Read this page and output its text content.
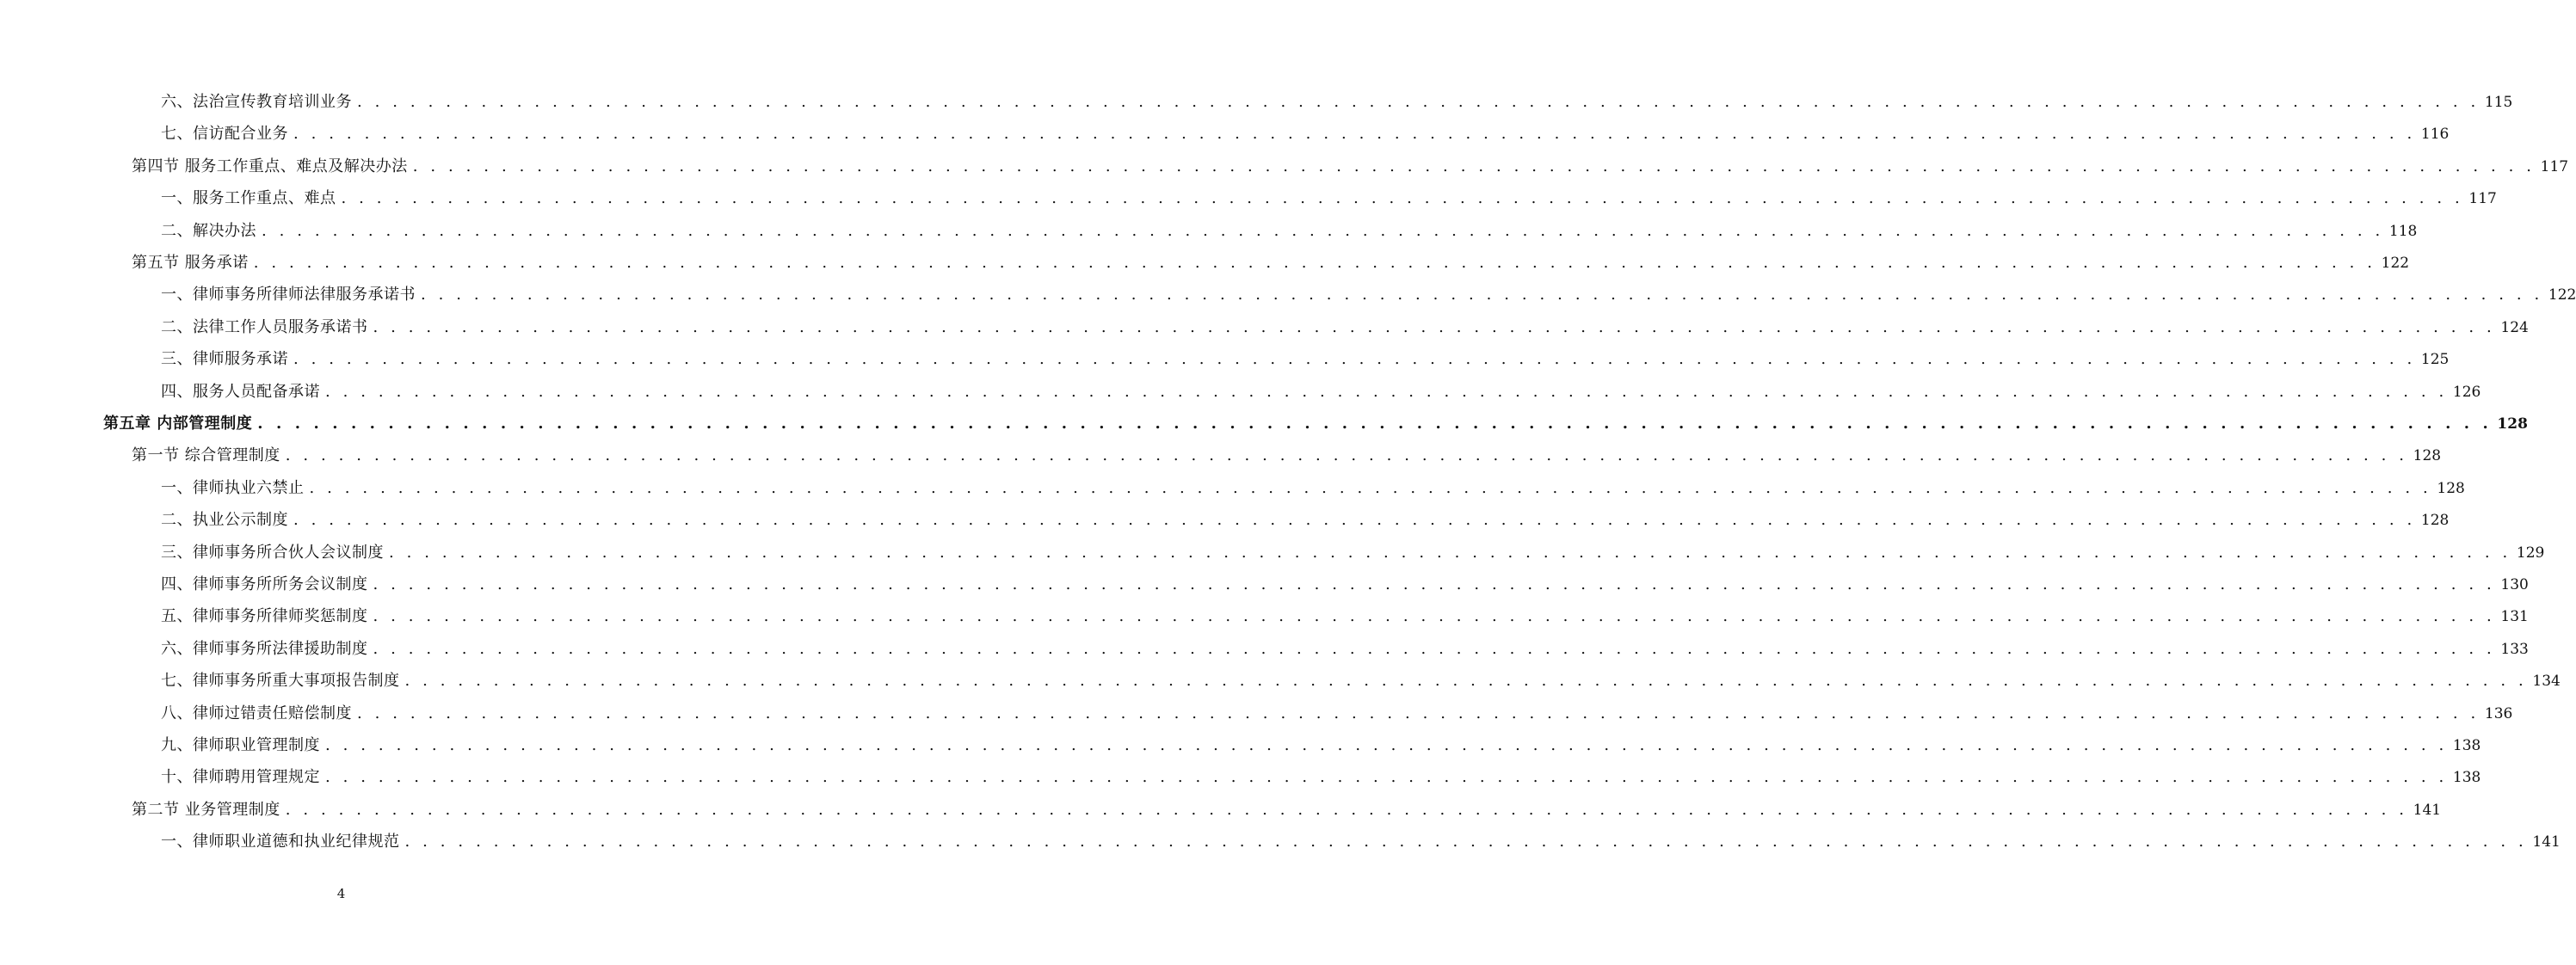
六、法治宣传教育培训业务 . . . . . . . . . . . . . . . . . . . . . . . . . . . . . . . . . . . . . . . . . . . . . . . . . . . . . . . . . . . . . . . . . . . . . . . . . . . . . . . . . . . . . . . . . . . . . . . . . . . . . . . . . . . . . . . . . . . . . . . . 115
七、信访配合业务 . . . . . . . . . . . . . . . . . . . . . . . . . . . . . . . . . . . . . . . . . . . . . . . . . . . . . . . . . . . . . . . . . . . . . . . . . . . . . . . . . . . . . . . . . . . . . . . . . . . . . . . . . . . . . . . . . . . . . . . . 116
第四节 服务工作重点、难点及解决办法 . . . . . . . . . . . . . . . . . . . . . . . . . . . . . . . . . . . . . . . . . . . . . . . . . . . . . . . . . . . . . . . . . . . . . . . . . . . . . . . . . . . . . . . . . . . . . . . . . . . . . . . . . . . . . . . . . . . . . . . . 117
一、服务工作重点、难点 . . . . . . . . . . . . . . . . . . . . . . . . . . . . . . . . . . . . . . . . . . . . . . . . . . . . . . . . . . . . . . . . . . . . . . . . . . . . . . . . . . . . . . . . . . . . . . . . . . . . . . . . . . . . . . . . . . . . . . . . 117
二、解决办法 . . . . . . . . . . . . . . . . . . . . . . . . . . . . . . . . . . . . . . . . . . . . . . . . . . . . . . . . . . . . . . . . . . . . . . . . . . . . . . . . . . . . . . . . . . . . . . . . . . . . . . . . . . . . . . . . . . . . . . . . 118
第五节 服务承诺 . . . . . . . . . . . . . . . . . . . . . . . . . . . . . . . . . . . . . . . . . . . . . . . . . . . . . . . . . . . . . . . . . . . . . . . . . . . . . . . . . . . . . . . . . . . . . . . . . . . . . . . . . . . . . . . . . . . . . . . . 122
一、律师事务所律师法律服务承诺书 . . . . . . . . . . . . . . . . . . . . . . . . . . . . . . . . . . . . . . . . . . . . . . . . . . . . . . . . . . . . . . . . . . . . . . . . . . . . . . . . . . . . . . . . . . . . . . . . . . . . . . . . . . . . . . . . . . . . . . . . 122
二、法律工作人员服务承诺书 . . . . . . . . . . . . . . . . . . . . . . . . . . . . . . . . . . . . . . . . . . . . . . . . . . . . . . . . . . . . . . . . . . . . . . . . . . . . . . . . . . . . . . . . . . . . . . . . . . . . . . . . . . . . . . . . . . . . . . . . 124
三、律师服务承诺 . . . . . . . . . . . . . . . . . . . . . . . . . . . . . . . . . . . . . . . . . . . . . . . . . . . . . . . . . . . . . . . . . . . . . . . . . . . . . . . . . . . . . . . . . . . . . . . . . . . . . . . . . . . . . . . . . . . . . . . . 125
四、服务人员配备承诺 . . . . . . . . . . . . . . . . . . . . . . . . . . . . . . . . . . . . . . . . . . . . . . . . . . . . . . . . . . . . . . . . . . . . . . . . . . . . . . . . . . . . . . . . . . . . . . . . . . . . . . . . . . . . . . . . . . . . . . . . 126
第五章 内部管理制度 . . . . . . . . . . . . . . . . . . . . . . . . . . . . . . . . . . . . . . . . . . . . . . . . . . . . . . . . . . . . . . . . . . . . . . . . . . . . . . . . . . . . . . . . . . . . . . . . . . . . . . . . . . . . . . . . . . . . . . . . 128
第一节 综合管理制度 . . . . . . . . . . . . . . . . . . . . . . . . . . . . . . . . . . . . . . . . . . . . . . . . . . . . . . . . . . . . . . . . . . . . . . . . . . . . . . . . . . . . . . . . . . . . . . . . . . . . . . . . . . . . . . . . . . . . . . . . 128
一、律师执业六禁止 . . . . . . . . . . . . . . . . . . . . . . . . . . . . . . . . . . . . . . . . . . . . . . . . . . . . . . . . . . . . . . . . . . . . . . . . . . . . . . . . . . . . . . . . . . . . . . . . . . . . . . . . . . . . . . . . . . . . . . . . 128
二、执业公示制度 . . . . . . . . . . . . . . . . . . . . . . . . . . . . . . . . . . . . . . . . . . . . . . . . . . . . . . . . . . . . . . . . . . . . . . . . . . . . . . . . . . . . . . . . . . . . . . . . . . . . . . . . . . . . . . . . . . . . . . . . 128
三、律师事务所合伙人会议制度 . . . . . . . . . . . . . . . . . . . . . . . . . . . . . . . . . . . . . . . . . . . . . . . . . . . . . . . . . . . . . . . . . . . . . . . . . . . . . . . . . . . . . . . . . . . . . . . . . . . . . . . . . . . . . . . . . . . . . . . . 129
四、律师事务所所务会议制度 . . . . . . . . . . . . . . . . . . . . . . . . . . . . . . . . . . . . . . . . . . . . . . . . . . . . . . . . . . . . . . . . . . . . . . . . . . . . . . . . . . . . . . . . . . . . . . . . . . . . . . . . . . . . . . . . . . . . . . . . 130
五、律师事务所律师奖惩制度 . . . . . . . . . . . . . . . . . . . . . . . . . . . . . . . . . . . . . . . . . . . . . . . . . . . . . . . . . . . . . . . . . . . . . . . . . . . . . . . . . . . . . . . . . . . . . . . . . . . . . . . . . . . . . . . . . . . . . . . . 131
六、律师事务所法律援助制度 . . . . . . . . . . . . . . . . . . . . . . . . . . . . . . . . . . . . . . . . . . . . . . . . . . . . . . . . . . . . . . . . . . . . . . . . . . . . . . . . . . . . . . . . . . . . . . . . . . . . . . . . . . . . . . . . . . . . . . . . 133
七、律师事务所重大事项报告制度 . . . . . . . . . . . . . . . . . . . . . . . . . . . . . . . . . . . . . . . . . . . . . . . . . . . . . . . . . . . . . . . . . . . . . . . . . . . . . . . . . . . . . . . . . . . . . . . . . . . . . . . . . . . . . . . . . . . . . . . . 134
八、律师过错责任赔偿制度 . . . . . . . . . . . . . . . . . . . . . . . . . . . . . . . . . . . . . . . . . . . . . . . . . . . . . . . . . . . . . . . . . . . . . . . . . . . . . . . . . . . . . . . . . . . . . . . . . . . . . . . . . . . . . . . . . . . . . . . . 136
九、律师职业管理制度 . . . . . . . . . . . . . . . . . . . . . . . . . . . . . . . . . . . . . . . . . . . . . . . . . . . . . . . . . . . . . . . . . . . . . . . . . . . . . . . . . . . . . . . . . . . . . . . . . . . . . . . . . . . . . . . . . . . . . . . . 138
十、律师聘用管理规定 . . . . . . . . . . . . . . . . . . . . . . . . . . . . . . . . . . . . . . . . . . . . . . . . . . . . . . . . . . . . . . . . . . . . . . . . . . . . . . . . . . . . . . . . . . . . . . . . . . . . . . . . . . . . . . . . . . . . . . . . 138
第二节 业务管理制度 . . . . . . . . . . . . . . . . . . . . . . . . . . . . . . . . . . . . . . . . . . . . . . . . . . . . . . . . . . . . . . . . . . . . . . . . . . . . . . . . . . . . . . . . . . . . . . . . . . . . . . . . . . . . . . . . . . . . . . . . 141
一、律师职业道德和执业纪律规范 . . . . . . . . . . . . . . . . . . . . . . . . . . . . . . . . . . . . . . . . . . . . . . . . . . . . . . . . . . . . . . . . . . . . . . . . . . . . . . . . . . . . . . . . . . . . . . . . . . . . . . . . . . . . . . . . . . . . . . . . 141
4
